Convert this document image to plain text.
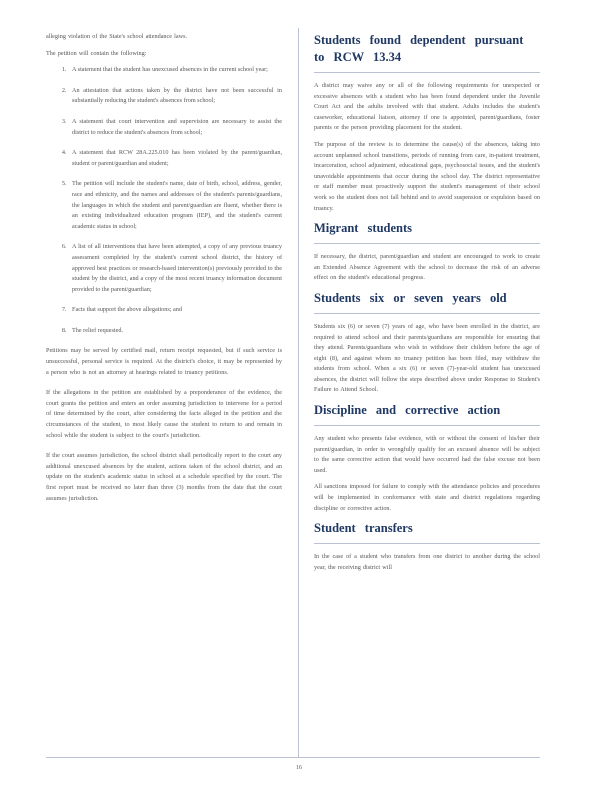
alleging violation of the State's school attendance laws.

The petition will contain the following:

1. A statement that the student has unexcused absences in the current school year;
2. An attestation that actions taken by the district have not been successful in substantially reducing the student's absences from school;
3. A statement that court intervention and supervision are necessary to assist the district to reduce the student's absences from school;
4. A statement that RCW 28A.225.010 has been violated by the parent/guardian, student or parent/guardian and student;
5. The petition will include the student's name, date of birth, school, address, gender, race and ethnicity, and the names and addresses of the student's parents/guardians, the languages in which the student and parent/guardian are fluent, whether there is an existing individualized education program (IEP), and the student's current academic status in school;
6. A list of all interventions that have been attempted, a copy of any previous truancy assessment completed by the student's current school district, the history of approved best practices or research-based intervention(s) previously provided to the student by the district, and a copy of the most recent truancy information document provided to the parent/guardian;
7. Facts that support the above allegations; and
8. The relief requested.

Petitions may be served by certified mail, return receipt requested, but if such service is unsuccessful, personal service is required. At the district's choice, it may be represented by a person who is not an attorney at hearings related to truancy petitions.

If the allegations in the petition are established by a preponderance of the evidence, the court grants the petition and enters an order assuming jurisdiction to intervene for a period of time determined by the court, after considering the facts alleged in the petition and the circumstances of the student, to most likely cause the student to return to and remain in school while the student is subject to the court's jurisdiction.

If the court assumes jurisdiction, the school district shall periodically report to the court any additional unexcused absences by the student, actions taken of the school district, and an update on the student's academic status in school at a schedule specified by the court. The first report must be received no later than three (3) months from the date that the court assumes jurisdiction.

Students found dependent pursuant to RCW 13.34

A district may waive any or all of the following requirements for unexpected or excessive absences with a student who has been found dependent under the Juvenile Court Act and the adults involved with that student. Adults includes the student's caseworker, educational liaison, attorney if one is appointed, parent/guardians, foster parents or the person providing placement for the student.

The purpose of the review is to determine the cause(s) of the absences, taking into account unplanned school transitions, periods of running from care, in-patient treatment, incarceration, school adjustment, educational gaps, psychosocial issues, and the student's unavoidable appointments that occur during the school day. The district representative or staff member must proactively support the student's management of their school work so the student does not fall behind and to avoid suspension or expulsion based on truancy.

Migrant students

If necessary, the district, parent/guardian and student are encouraged to work to create an Extended Absence Agreement with the school to decrease the risk of an adverse effect on the student's educational progress.

Students six or seven years old

Students six (6) or seven (7) years of age, who have been enrolled in the district, are required to attend school and their parents/guardians are responsible for ensuring that they attend. Parents/guardians who wish to withdraw their children before the age of eight (8), and against whom no truancy petition has been filed, may withdraw the students from school. When a six (6) or seven (7)-year-old student has unexcused absences, the district will follow the steps described above under Response to Student's Failure to Attend School.

Discipline and corrective action

Any student who presents false evidence, with or without the consent of his/her their parent/guardian, in order to wrongfully qualify for an excused absence will be subject to the same corrective action that would have occurred had the false excuse not been used.

All sanctions imposed for failure to comply with the attendance policies and procedures will be implemented in conformance with state and district regulations regarding discipline or corrective action.

Student transfers

In the case of a student who transfers from one district to another during the school year, the receiving district will

16
